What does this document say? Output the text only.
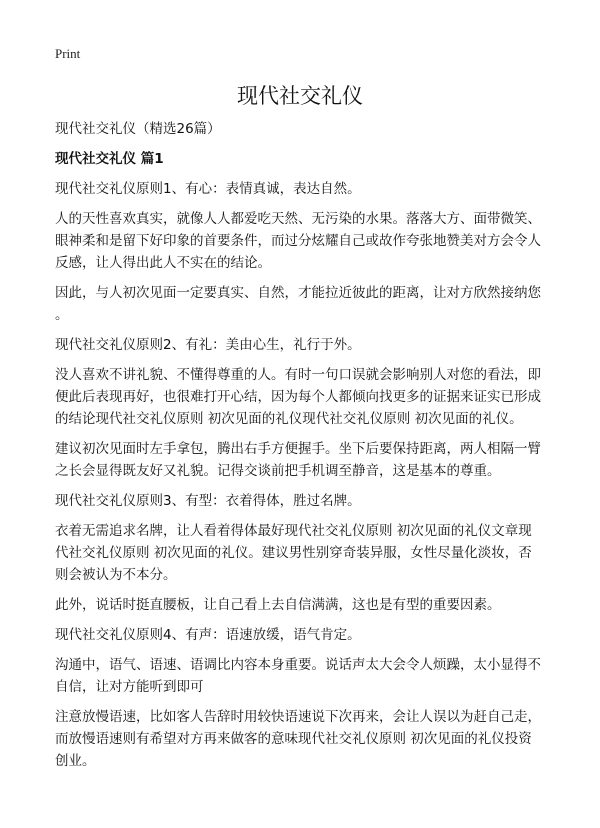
Print
现代社交礼仪
现代社交礼仪（精选26篇）
现代社交礼仪 篇1
现代社交礼仪原则1、有心：表情真诚，表达自然。
人的天性喜欢真实，就像人人都爱吃天然、无污染的水果。落落大方、面带微笑、
眼神柔和是留下好印象的首要条件，而过分炫耀自己或故作夸张地赞美对方会令人
反感，让人得出此人不实在的结论。
因此，与人初次见面一定要真实、自然，才能拉近彼此的距离，让对方欣然接纳您
。
现代社交礼仪原则2、有礼：美由心生，礼行于外。
没人喜欢不讲礼貌、不懂得尊重的人。有时一句口误就会影响别人对您的看法，即
便此后表现再好，也很难打开心结，因为每个人都倾向找更多的证据来证实已形成
的结论现代社交礼仪原则 初次见面的礼仪现代社交礼仪原则 初次见面的礼仪。
建议初次见面时左手拿包，腾出右手方便握手。坐下后要保持距离，两人相隔一臂
之长会显得既友好又礼貌。记得交谈前把手机调至静音，这是基本的尊重。
现代社交礼仪原则3、有型：衣着得体，胜过名牌。
衣着无需追求名牌，让人看着得体最好现代社交礼仪原则 初次见面的礼仪文章现
代社交礼仪原则 初次见面的礼仪。建议男性别穿奇装异服，女性尽量化淡妆，否
则会被认为不本分。
此外，说话时挺直腰板，让自己看上去自信满满，这也是有型的重要因素。
现代社交礼仪原则4、有声：语速放缓，语气肯定。
沟通中，语气、语速、语调比内容本身重要。说话声太大会令人烦躁，太小显得不
自信，让对方能听到即可
注意放慢语速，比如客人告辞时用较快语速说下次再来，会让人误以为赶自己走，
而放慢语速则有希望对方再来做客的意味现代社交礼仪原则 初次见面的礼仪投资
创业。
